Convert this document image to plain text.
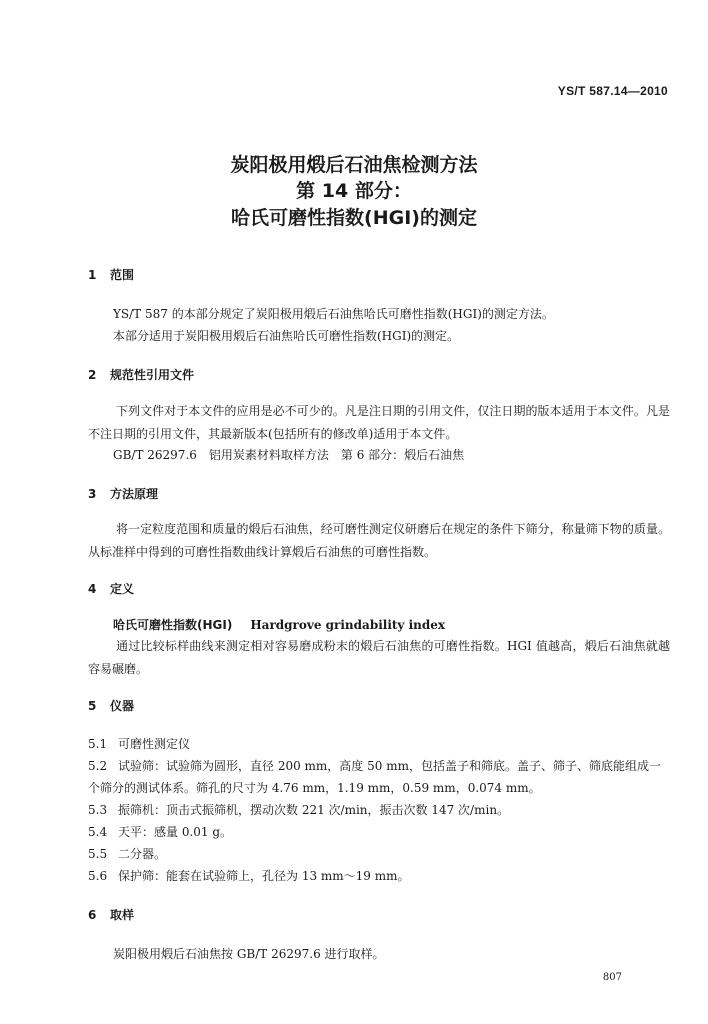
YS/T 587.14—2010
炭阳极用煅后石油焦检测方法
第 14 部分：
哈氏可磨性指数(HGI)的测定
1 范围
YS/T 587 的本部分规定了炭阳极用煅后石油焦哈氏可磨性指数(HGI)的测定方法。
本部分适用于炭阳极用煅后石油焦哈氏可磨性指数(HGI)的测定。
2 规范性引用文件
下列文件对于本文件的应用是必不可少的。凡是注日期的引用文件，仅注日期的版本适用于本文件。凡是不注日期的引用文件，其最新版本(包括所有的修改单)适用于本文件。
GB/T 26297.6　铝用炭素材料取样方法　第 6 部分：煅后石油焦
3 方法原理
将一定粒度范围和质量的煅后石油焦，经可磨性测定仪研磨后在规定的条件下筛分，称量筛下物的质量。从标准样中得到的可磨性指数曲线计算煅后石油焦的可磨性指数。
4 定义
哈氏可磨性指数(HGI) Hardgrove grindability index
通过比较标样曲线来测定相对容易磨成粉末的煅后石油焦的可磨性指数。HGI 值越高，煅后石油焦就越容易碾磨。
5 仪器
5.1 可磨性测定仪
5.2 试验筛：试验筛为圆形，直径 200 mm，高度 50 mm，包括盖子和筛底。盖子、筛子、筛底能组成一
个筛分的测试体系。筛孔的尺寸为 4.76 mm，1.19 mm，0.59 mm，0.074 mm。
5.3 振筛机：顶击式振筛机，摆动次数 221 次/min，振击次数 147 次/min。
5.4 天平：感量 0.01 g。
5.5 二分器。
5.6 保护筛：能套在试验筛上，孔径为 13 mm～19 mm。
6 取样
炭阳极用煅后石油焦按 GB/T 26297.6 进行取样。
807
